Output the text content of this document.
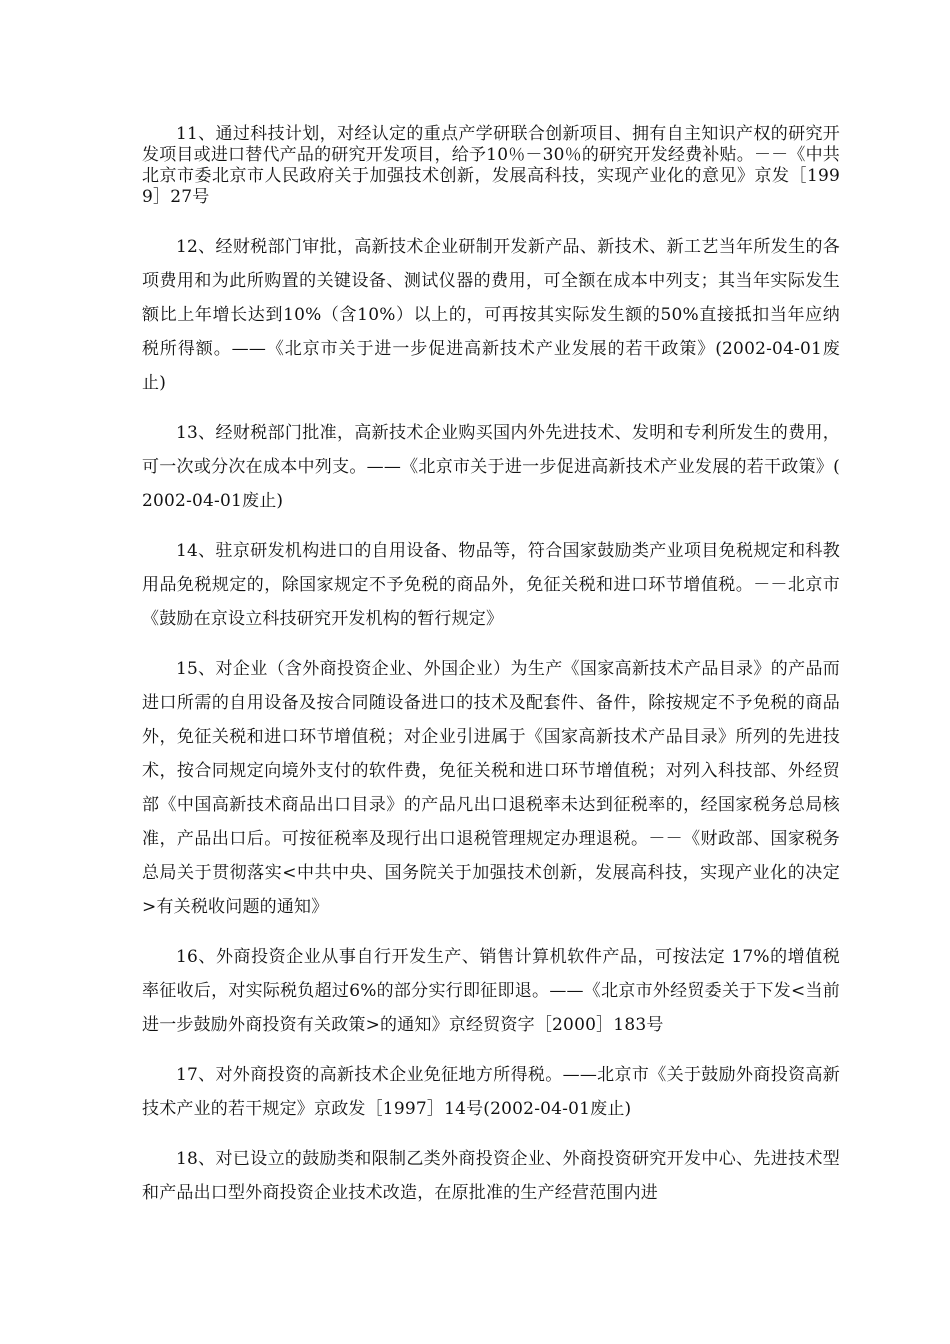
11、通过科技计划，对经认定的重点产学研联合创新项目、拥有自主知识产权的研究开发项目或进口替代产品的研究开发项目，给予10％－30％的研究开发经费补贴。－－《中共北京市委北京市人民政府关于加强技术创新，发展高科技，实现产业化的意见》京发［1999］27号

12、经财税部门审批，高新技术企业研制开发新产品、新技术、新工艺当年所发生的各项费用和为此所购置的关键设备、测试仪器的费用，可全额在成本中列支；其当年实际发生额比上年增长达到10%（含10%）以上的，可再按其实际发生额的50%直接抵扣当年应纳税所得额。——《北京市关于进一步促进高新技术产业发展的若干政策》(2002-04-01废止)

13、经财税部门批准，高新技术企业购买国内外先进技术、发明和专利所发生的费用，可一次或分次在成本中列支。——《北京市关于进一步促进高新技术产业发展的若干政策》( 2002-04-01废止)

14、驻京研发机构进口的自用设备、物品等，符合国家鼓励类产业项目免税规定和科教用品免税规定的，除国家规定不予免税的商品外，免征关税和进口环节增值税。－－北京市《鼓励在京设立科技研究开发机构的暂行规定》

15、对企业（含外商投资企业、外国企业）为生产《国家高新技术产品目录》的产品而进口所需的自用设备及按合同随设备进口的技术及配套件、备件，除按规定不予免税的商品外，免征关税和进口环节增值税；对企业引进属于《国家高新技术产品目录》所列的先进技术，按合同规定向境外支付的软件费，免征关税和进口环节增值税；对列入科技部、外经贸部《中国高新技术商品出口目录》的产品凡出口退税率未达到征税率的，经国家税务总局核准，产品出口后。可按征税率及现行出口退税管理规定办理退税。－－《财政部、国家税务总局关于贯彻落实<中共中央、国务院关于加强技术创新，发展高科技，实现产业化的决定>有关税收问题的通知》

16、外商投资企业从事自行开发生产、销售计算机软件产品，可按法定 17%的增值税率征收后，对实际税负超过6%的部分实行即征即退。——《北京市外经贸委关于下发<当前进一步鼓励外商投资有关政策>的通知》京经贸资字［2000］183号

17、对外商投资的高新技术企业免征地方所得税。——北京市《关于鼓励外商投资高新技术产业的若干规定》京政发［1997］14号(2002-04-01废止)

18、对已设立的鼓励类和限制乙类外商投资企业、外商投资研究开发中心、先进技术型和产品出口型外商投资企业技术改造，在原批准的生产经营范围内进
